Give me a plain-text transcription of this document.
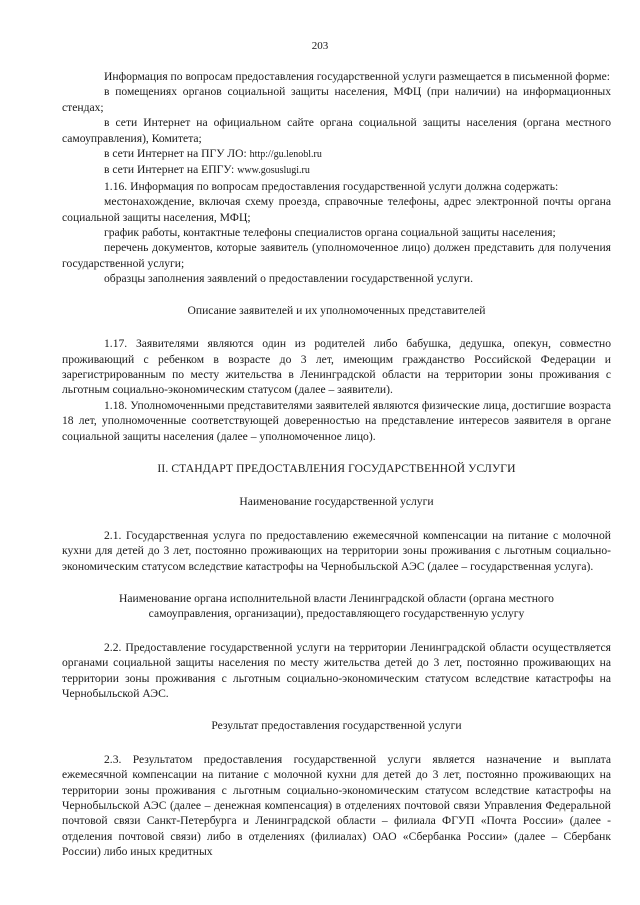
203

Информация по вопросам предоставления государственной услуги размещается в письменной форме:

в помещениях органов социальной защиты населения, МФЦ (при наличии) на информационных стендах;

в сети Интернет на официальном сайте органа социальной защиты населения (органа местного самоуправления), Комитета;

в сети Интернет на ПГУ ЛО: http://gu.lenobl.ru

в сети Интернет на ЕПГУ: www.gosuslugi.ru

1.16. Информация по вопросам предоставления государственной услуги должна содержать:

местонахождение, включая схему проезда, справочные телефоны, адрес электронной почты органа социальной защиты населения, МФЦ;

график работы, контактные телефоны специалистов органа социальной защиты населения;

перечень документов, которые заявитель (уполномоченное лицо) должен представить для получения государственной услуги;

образцы заполнения заявлений о предоставлении государственной услуги.

Описание заявителей и их уполномоченных представителей

1.17. Заявителями являются один из родителей либо бабушка, дедушка, опекун, совместно проживающий с ребенком в возрасте до 3 лет, имеющим гражданство Российской Федерации и зарегистрированным по месту жительства в Ленинградской области на территории зоны проживания с льготным социально-экономическим статусом (далее – заявители).

1.18. Уполномоченными представителями заявителей являются физические лица, достигшие возраста 18 лет, уполномоченные соответствующей доверенностью на представление интересов заявителя в органе социальной защиты населения (далее – уполномоченное лицо).

II. СТАНДАРТ ПРЕДОСТАВЛЕНИЯ ГОСУДАРСТВЕННОЙ УСЛУГИ

Наименование государственной услуги

2.1. Государственная услуга по предоставлению ежемесячной компенсации на питание с молочной кухни для детей до 3 лет, постоянно проживающих на территории зоны проживания с льготным социально-экономическим статусом вследствие катастрофы на Чернобыльской АЭС (далее – государственная услуга).

Наименование органа исполнительной власти Ленинградской области (органа местного самоуправления, организации), предоставляющего государственную услугу

2.2. Предоставление государственной услуги на территории Ленинградской области осуществляется органами социальной защиты населения по месту жительства детей до 3 лет, постоянно проживающих на территории зоны проживания с льготным социально-экономическим статусом вследствие катастрофы на Чернобыльской АЭС.

Результат предоставления государственной услуги

2.3. Результатом предоставления государственной услуги является назначение и выплата ежемесячной компенсации на питание с молочной кухни для детей до 3 лет, постоянно проживающих на территории зоны проживания с льготным социально-экономическим статусом вследствие катастрофы на Чернобыльской АЭС (далее – денежная компенсация) в отделениях почтовой связи Управления Федеральной почтовой связи Санкт-Петербурга и Ленинградской области – филиала ФГУП «Почта России» (далее - отделения почтовой связи) либо в отделениях (филиалах) ОАО «Сбербанка России» (далее – Сбербанк России) либо иных кредитных
